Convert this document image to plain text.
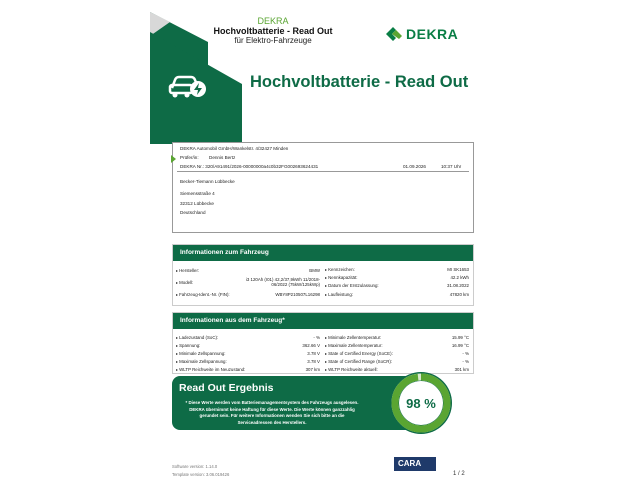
DEKRA
Hochvoltbatterie - Read Out
für Elektro-Fahrzeuge	DEKRA
Hochvoltbatterie - Read Out
DEKRA Automobil GmbH/Wankelstr. 4/32427 Minden
Prüfer/in: Dennis Bertz
DEKRA Nr.: 320/A91491/2026-00000000a4c0b32FG002693624431	01.09.2026	10:37 Uhr
Becker-Tiemann Lübbecke
Siemensstraße 4
32312 Lübbecke
Deutschland
Informationen zum Fahrzeug
▸ Hersteller:	BMW
▸ Modell:
i3 120Ah (I01) 42,2/37,9kWh 11/2018-06/2022 (75kW/125kWp)
▸ Fahrzeug-Ident.-Nr. (FIN):	WBY8P210507L16298
▸ Kennzeichen:	MI SK1653
▸ Nennkapazität:	42.2 kWh
▸ Datum der Erstzulassung:	31.08.2022
▸ Laufleistung:	47820 km
Informationen aus dem Fahrzeug*
▸ Ladezustand (SoC):	- %
▸ Spannung:	362.66 V
▸ Minimale Zellspannung:	3.78 V
▸ Maximale Zellspannung:	3.78 V
▸ WLTP Reichweite im Neuzustand:	307 km
▸ Minimale Zellentemperatur:	15.99 °C
▸ Maximale Zellentemperatur:	16.99 °C
▸ State of Certified Energy (SoCE):	- %
▸ State of Certified Range (SoCR):	- %
▸ WLTP Reichweite aktuell:	301 km
Read Out Ergebnis
* Diese Werte werden vom Batteriemanagementsystem des Fahrzeugs ausgelesen. DEKRA übernimmt keine Haftung für diese Werte. Die Werte können ganzzahlig gerundet sein. Für weitere Informationen wenden Sie sich bitte an die Serviceadressen des Herstellers.
98 %
Software version: 1.14.0
Template version: 3.06.019426
CARA
1 / 2
